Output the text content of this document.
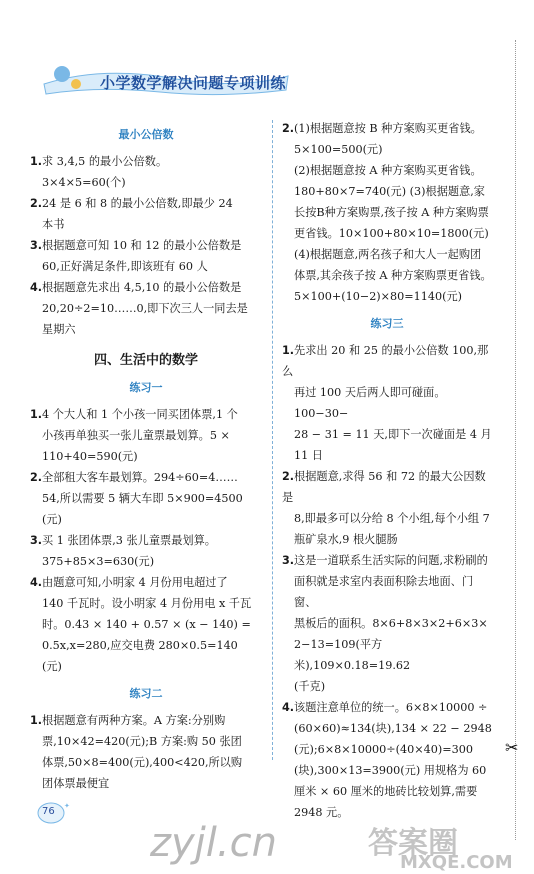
小学数学解决问题专项训练
最小公倍数
1.求 3,4,5 的最小公倍数。
3×4×5=60(个)
2.24 是 6 和 8 的最小公倍数,即最少 24
本书
3.根据题意可知 10 和 12 的最小公倍数是
60,正好满足条件,即该班有 60 人
4.根据题意先求出 4,5,10 的最小公倍数是
20,20÷2=10……0,即下次三人一同去是
星期六
四、生活中的数学
练习一
1.4 个大人和 1 个小孩一同买团体票,1 个
小孩再单独买一张儿童票最划算。5 ×
110+40=590(元)
2.全部租大客车最划算。294÷60=4……
54,所以需要 5 辆大车即 5×900=4500
(元)
3.买 1 张团体票,3 张儿童票最划算。
375+85×3=630(元)
4.由题意可知,小明家 4 月份用电超过了
140 千瓦时。设小明家 4 月份用电 x 千瓦
时。0.43 × 140 + 0.57 × (x − 140) =
0.5x,x=280,应交电费 280×0.5=140
(元)
练习二
1.根据题意有两种方案。A 方案:分别购
票,10×42=420(元);B 方案:购 50 张团
体票,50×8=400(元),400<420,所以购
团体票最便宜
2.(1)根据题意按 B 种方案购买更省钱。
5×100=500(元)
(2)根据题意按 A 种方案购买更省钱。
180+80×7=740(元) (3)根据题意,家
长按B种方案购票,孩子按 A 种方案购票
更省钱。10×100+80×10=1800(元)
(4)根据题意,两名孩子和大人一起购团
体票,其余孩子按 A 种方案购票更省钱。
5×100+(10−2)×80=1140(元)
练习三
1.先求出 20 和 25 的最小公倍数 100,那么
再过 100 天后两人即可碰面。100−30−
28 − 31 = 11 天,即下一次碰面是 4 月
11 日
2.根据题意,求得 56 和 72 的最大公因数是
8,即最多可以分给 8 个小组,每个小组 7
瓶矿泉水,9 根火腿肠
3.这是一道联系生活实际的问题,求粉刷的
面积就是求室内表面积除去地面、门窗、
黑板后的面积。8×6+8×3×2+6×3×
2−13=109(平方米),109×0.18=19.62
(千克)
4.该题注意单位的统一。6×8×10000 ÷
(60×60)≈134(块),134 × 22 − 2948
(元);6×8×10000÷(40×40)=300
(块),300×13=3900(元) 用规格为 60
厘米 × 60 厘米的地砖比较划算,需要
2948 元。
✦
76
✂
zyjl.cn	答案圈
MXQE.COM
